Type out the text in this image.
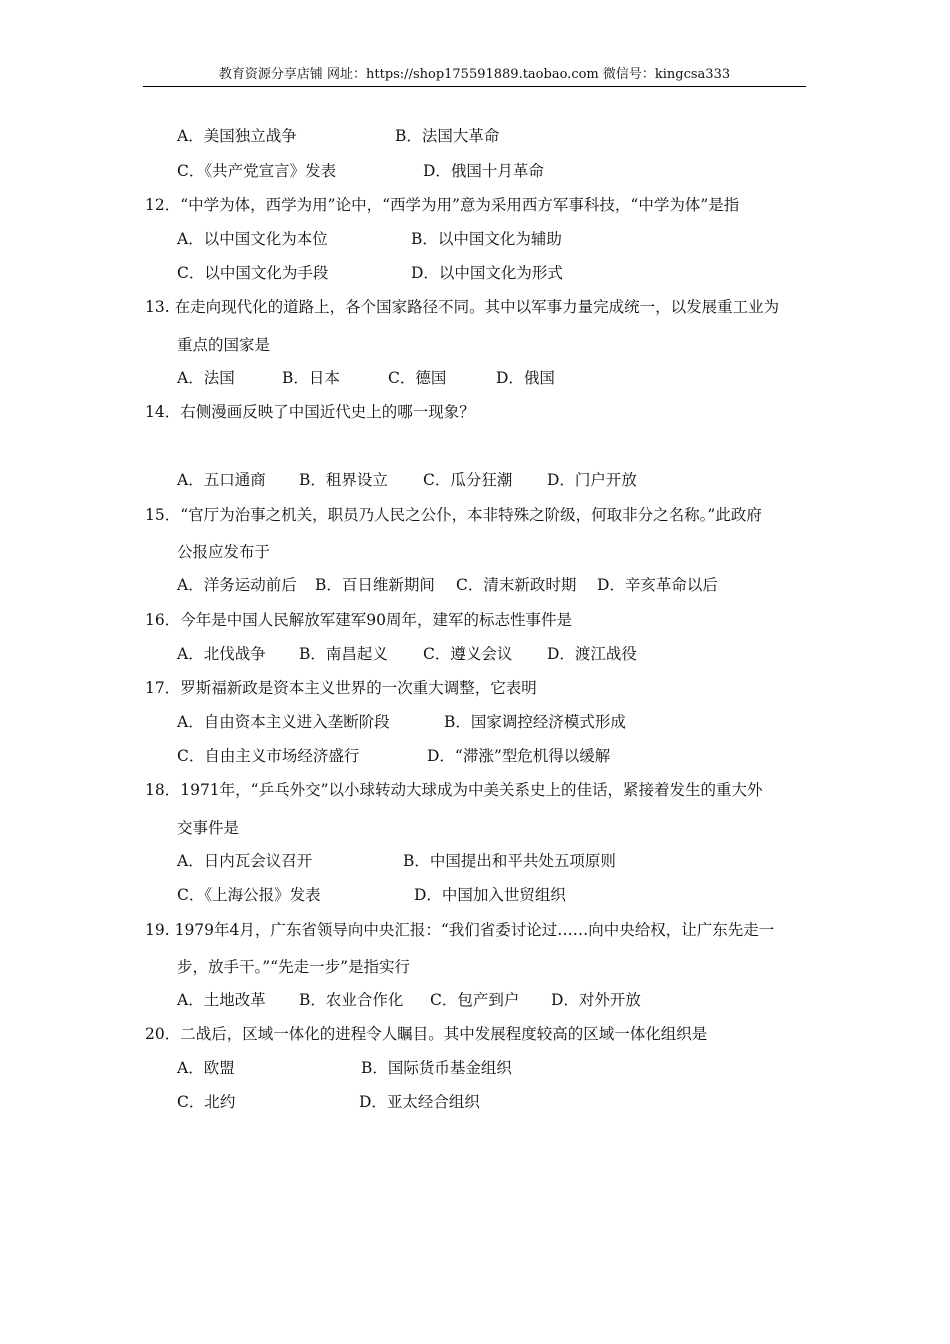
教育资源分享店铺 网址：https://shop175591889.taobao.com 微信号：kingcsa333
A．美国独立战争	B．法国大革命
C．《共产党宣言》发表	D．俄国十月革命
12．“中学为体，西学为用”论中，“西学为用”意为采用西方军事科技，“中学为体”是指
A．以中国文化为本位	B．以中国文化为辅助
C．以中国文化为手段	D．以中国文化为形式
13. 在走向现代化的道路上，各个国家路径不同。其中以军事力量完成统一，以发展重工业为
重点的国家是
A．法国	B．日本	C．德国	D．俄国
14．右侧漫画反映了中国近代史上的哪一现象？
A．五口通商 B．租界设立 C．瓜分狂潮 D．门户开放
15．“官厅为治事之机关，职员乃人民之公仆，本非特殊之阶级，何取非分之名称。”此政府
公报应发布于
A．洋务运动前后 B．百日维新期间 C．清末新政时期 D．辛亥革命以后
16．今年是中国人民解放军建军90周年，建军的标志性事件是
A．北伐战争 B．南昌起义 C．遵义会议 D．渡江战役
17．罗斯福新政是资本主义世界的一次重大调整，它表明
A．自由资本主义进入垄断阶段	B．国家调控经济模式形成
C．自由主义市场经济盛行	D．“滞涨”型危机得以缓解
18．1971年，“乒乓外交”以小球转动大球成为中美关系史上的佳话，紧接着发生的重大外
交事件是
A．日内瓦会议召开	B．中国提出和平共处五项原则
C．《上海公报》发表	D．中国加入世贸组织
19. 1979年4月，广东省领导向中央汇报：“我们省委讨论过……向中央给权，让广东先走一
步，放手干。”“先走一步”是指实行
A．土地改革 B．农业合作化 C．包产到户 D．对外开放
20．二战后，区域一体化的进程令人瞩目。其中发展程度较高的区域一体化组织是
A．欧盟	B．国际货币基金组织
C．北约	D．亚太经合组织
